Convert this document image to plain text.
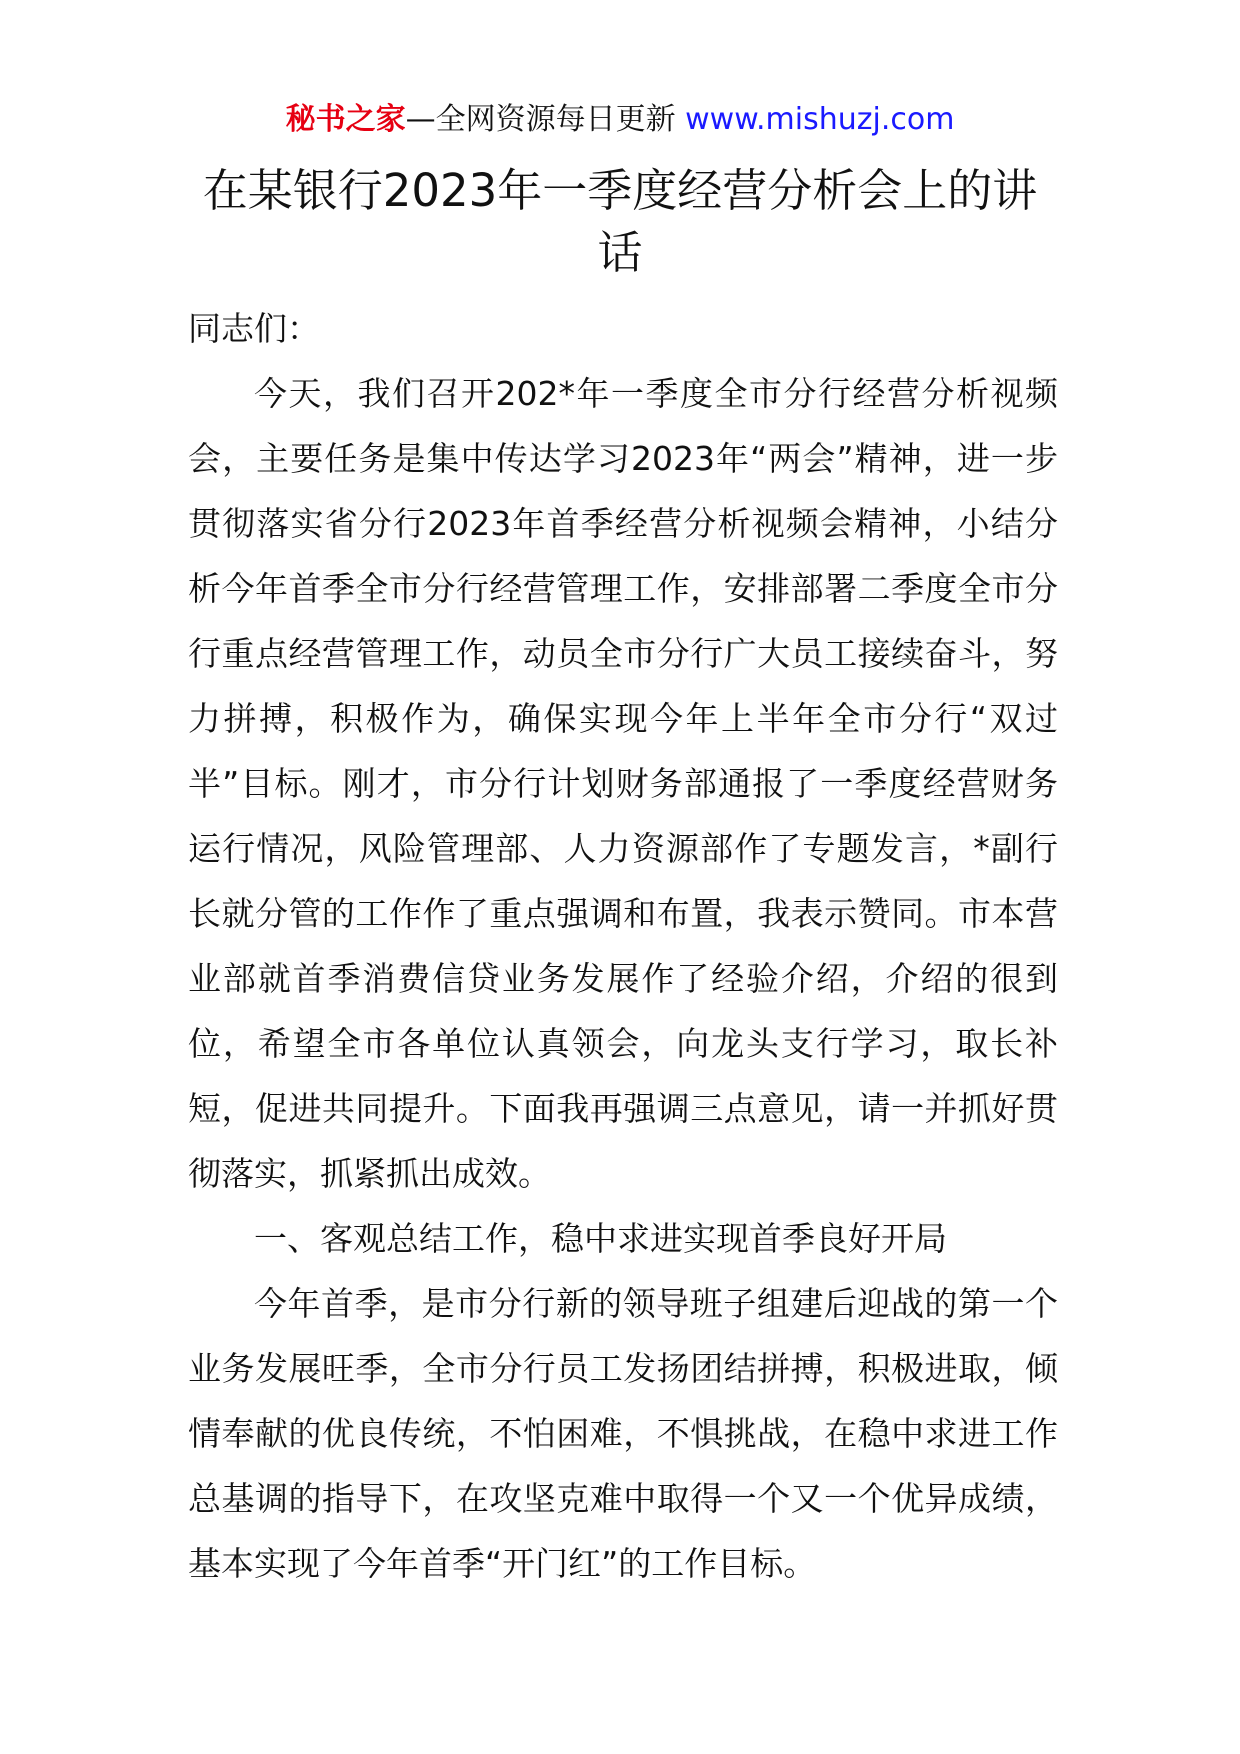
秘书之家—全网资源每日更新 www.mishuzj.com
在某银行2023年一季度经营分析会上的讲话

同志们：

今天，我们召开202*年一季度全市分行经营分析视频会，主要任务是集中传达学习2023年“两会”精神，进一步贯彻落实省分行2023年首季经营分析视频会精神，小结分析今年首季全市分行经营管理工作，安排部署二季度全市分行重点经营管理工作，动员全市分行广大员工接续奋斗，努力拼搏，积极作为，确保实现今年上半年全市分行“双过半”目标。刚才，市分行计划财务部通报了一季度经营财务运行情况，风险管理部、人力资源部作了专题发言，*副行长就分管的工作作了重点强调和布置，我表示赞同。市本营业部就首季消费信贷业务发展作了经验介绍，介绍的很到位，希望全市各单位认真领会，向龙头支行学习，取长补短，促进共同提升。下面我再强调三点意见，请一并抓好贯彻落实，抓紧抓出成效。

一、客观总结工作，稳中求进实现首季良好开局

今年首季，是市分行新的领导班子组建后迎战的第一个业务发展旺季，全市分行员工发扬团结拼搏，积极进取，倾情奉献的优良传统，不怕困难，不惧挑战，在稳中求进工作总基调的指导下，在攻坚克难中取得一个又一个优异成绩，基本实现了今年首季“开门红”的工作目标。
